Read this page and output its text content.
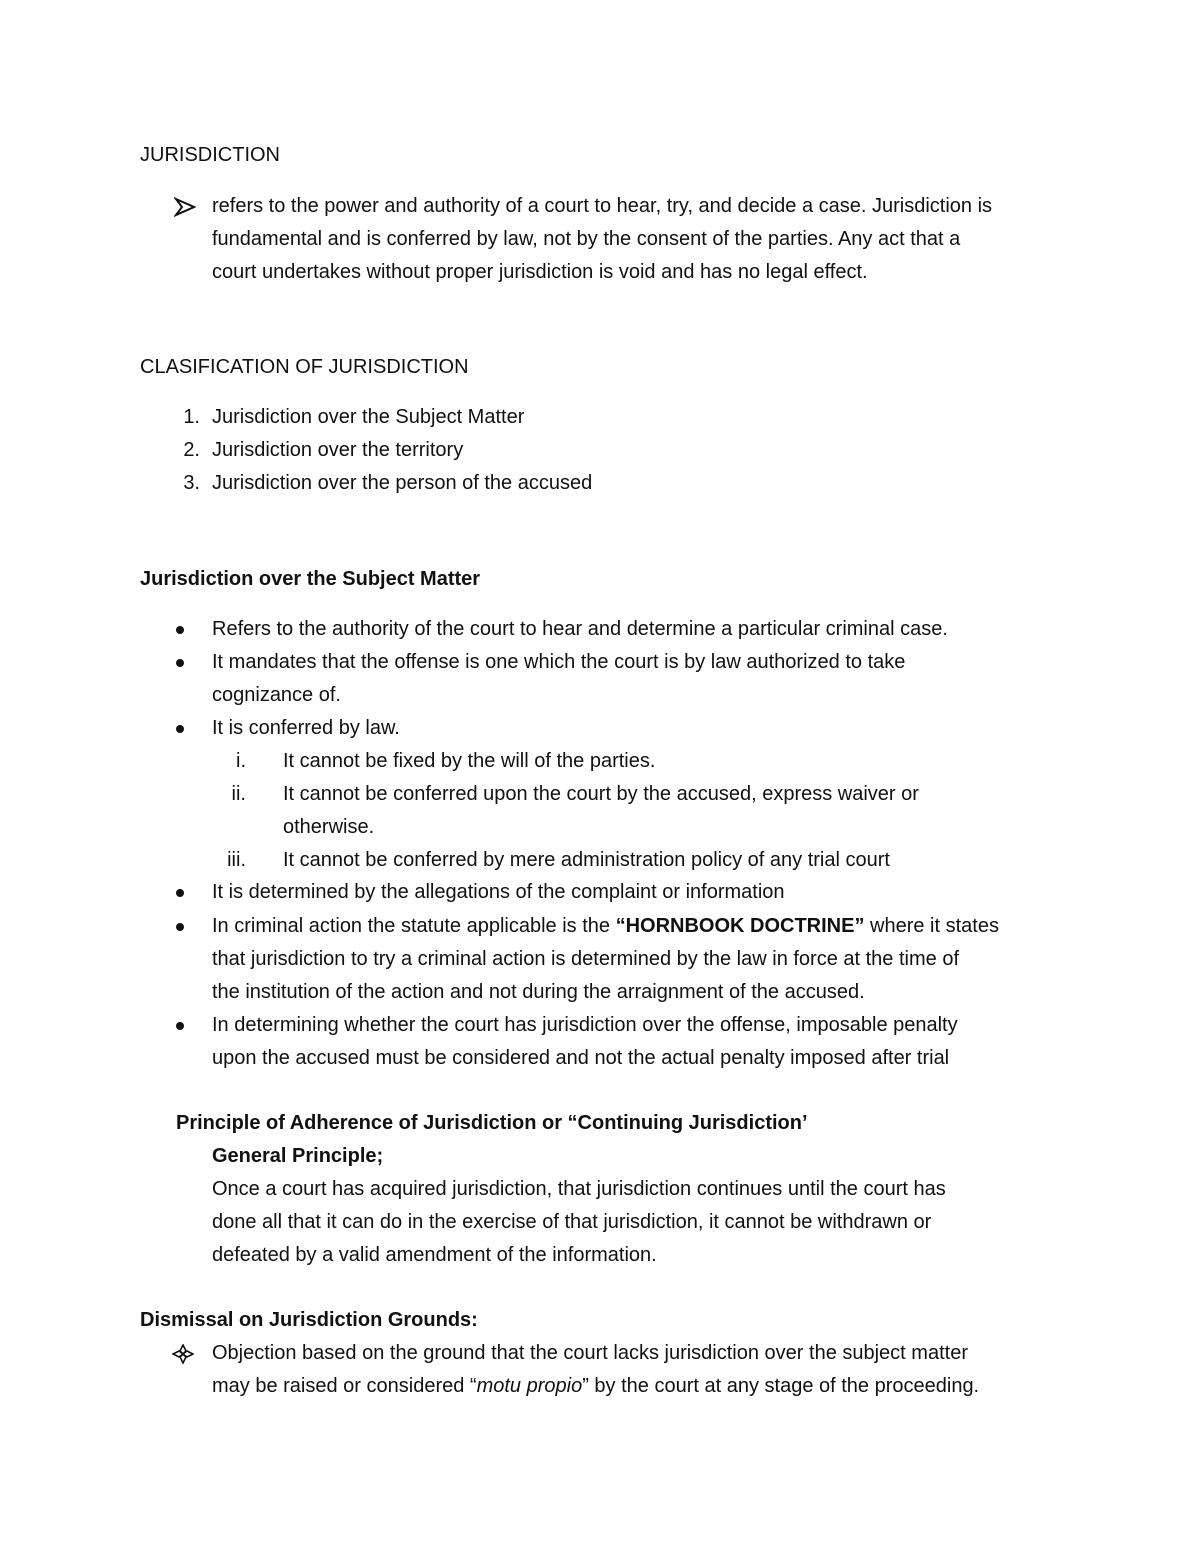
JURISDICTION
refers to the power and authority of a court to hear, try, and decide a case. Jurisdiction is
fundamental and is conferred by law, not by the consent of the parties. Any act that a
court undertakes without proper jurisdiction is void and has no legal effect.
CLASIFICATION OF JURISDICTION
1. Jurisdiction over the Subject Matter
2. Jurisdiction over the territory
3. Jurisdiction over the person of the accused
Jurisdiction over the Subject Matter
Refers to the authority of the court to hear and determine a particular criminal case.
It mandates that the offense is one which the court is by law authorized to take
cognizance of.
It is conferred by law.
i. It cannot be fixed by the will of the parties.
ii. It cannot be conferred upon the court by the accused, express waiver or
otherwise.
iii. It cannot be conferred by mere administration policy of any trial court
It is determined by the allegations of the complaint or information
In criminal action the statute applicable is the “HORNBOOK DOCTRINE” where it states
that jurisdiction to try a criminal action is determined by the law in force at the time of
the institution of the action and not during the arraignment of the accused.
In determining whether the court has jurisdiction over the offense, imposable penalty
upon the accused must be considered and not the actual penalty imposed after trial
Principle of Adherence of Jurisdiction or “Continuing Jurisdiction’
General Principle;
Once a court has acquired jurisdiction, that jurisdiction continues until the court has
done all that it can do in the exercise of that jurisdiction, it cannot be withdrawn or
defeated by a valid amendment of the information.
Dismissal on Jurisdiction Grounds:
Objection based on the ground that the court lacks jurisdiction over the subject matter
may be raised or considered “motu propio” by the court at any stage of the proceeding.
